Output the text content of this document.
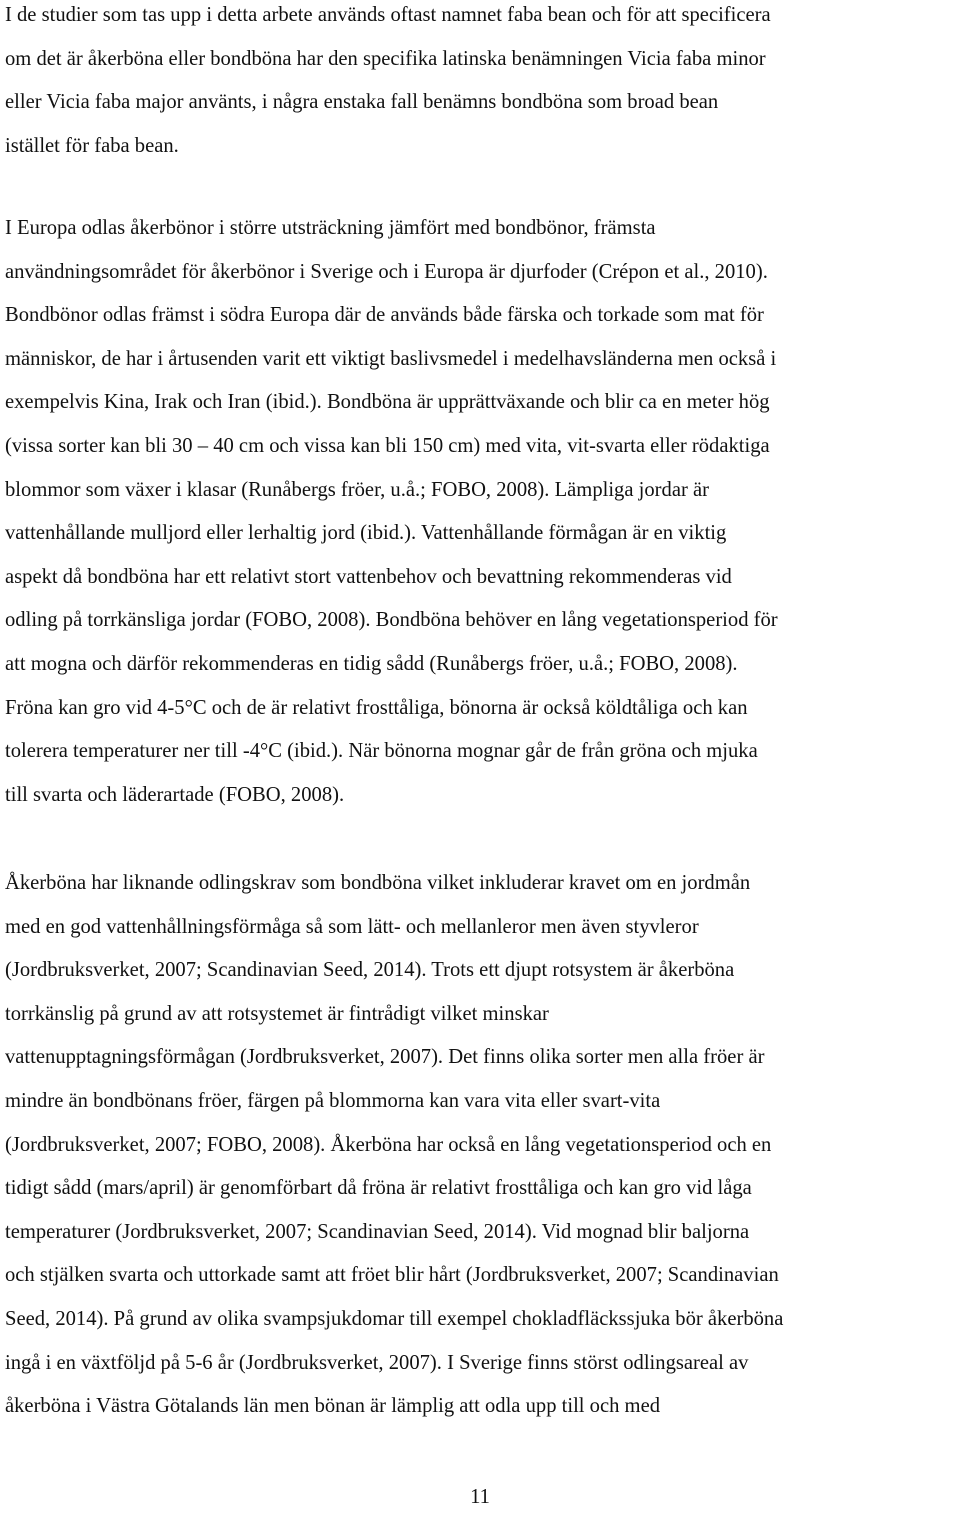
I de studier som tas upp i detta arbete används oftast namnet faba bean och för att specificera
om det är åkerböna eller bondböna har den specifika latinska benämningen Vicia faba minor
eller Vicia faba major använts, i några enstaka fall benämns bondböna som broad bean
istället för faba bean.

I Europa odlas åkerbönor i större utsträckning jämfört med bondbönor, främsta
användningsområdet för åkerbönor i Sverige och i Europa är djurfoder (Crépon et al., 2010).
Bondbönor odlas främst i södra Europa där de används både färska och torkade som mat för
människor, de har i årtusenden varit ett viktigt baslivsmedel i medelhavsländerna men också i
exempelvis Kina, Irak och Iran (ibid.). Bondböna är upprättväxande och blir ca en meter hög
(vissa sorter kan bli 30 – 40 cm och vissa kan bli 150 cm) med vita, vit-svarta eller rödaktiga
blommor som växer i klasar (Runåbergs fröer, u.å.; FOBO, 2008). Lämpliga jordar är
vattenhållande mulljord eller lerhaltig jord (ibid.). Vattenhållande förmågan är en viktig
aspekt då bondböna har ett relativt stort vattenbehov och bevattning rekommenderas vid
odling på torrkänsliga jordar (FOBO, 2008). Bondböna behöver en lång vegetationsperiod för
att mogna och därför rekommenderas en tidig sådd (Runåbergs fröer, u.å.; FOBO, 2008).
Fröna kan gro vid 4-5°C och de är relativt frosttåliga, bönorna är också köldtåliga och kan
tolerera temperaturer ner till -4°C (ibid.). När bönorna mognar går de från gröna och mjuka
till svarta och läderartade (FOBO, 2008).

Åkerböna har liknande odlingskrav som bondböna vilket inkluderar kravet om en jordmån
med en god vattenhållningsförmåga så som lätt- och mellanleror men även styvleror
(Jordbruksverket, 2007; Scandinavian Seed, 2014). Trots ett djupt rotsystem är åkerböna
torrkänslig på grund av att rotsystemet är fintrådigt vilket minskar
vattenupptagningsförmågan (Jordbruksverket, 2007). Det finns olika sorter men alla fröer är
mindre än bondbönans fröer, färgen på blommorna kan vara vita eller svart-vita
(Jordbruksverket, 2007; FOBO, 2008). Åkerböna har också en lång vegetationsperiod och en
tidigt sådd (mars/april) är genomförbart då fröna är relativt frosttåliga och kan gro vid låga
temperaturer (Jordbruksverket, 2007; Scandinavian Seed, 2014). Vid mognad blir baljorna
och stjälken svarta och uttorkade samt att fröet blir hårt (Jordbruksverket, 2007; Scandinavian
Seed, 2014). På grund av olika svampsjukdomar till exempel chokladfläckssjuka bör åkerböna
ingå i en växtföljd på 5-6 år (Jordbruksverket, 2007). I Sverige finns störst odlingsareal av
åkerböna i Västra Götalands län men bönan är lämplig att odla upp till och med

11
